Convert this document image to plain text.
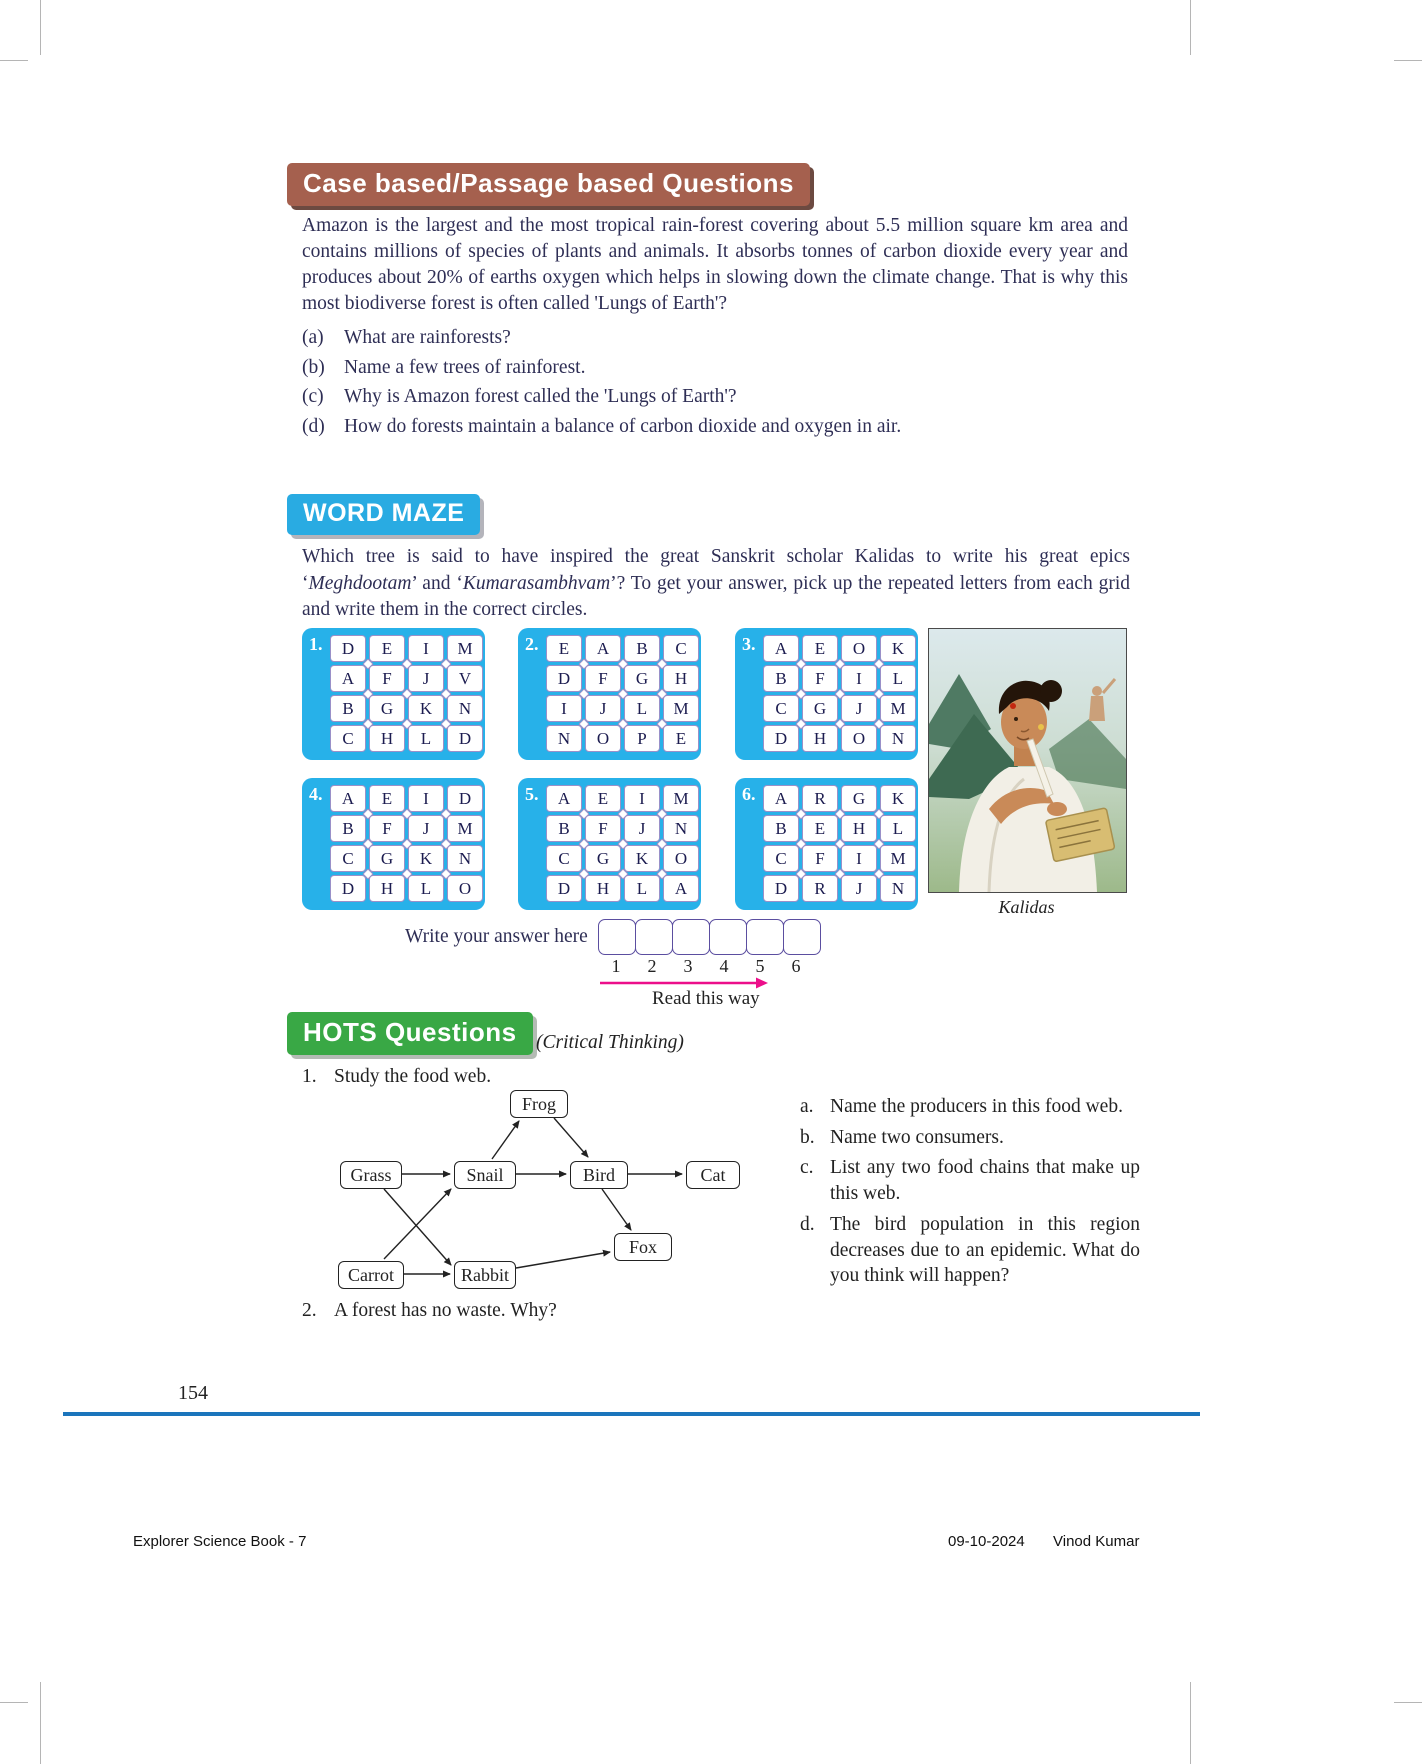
Case based/Passage based Questions
Amazon is the largest and the most tropical rain-forest covering about 5.5 million square km area and contains millions of species of plants and animals. It absorbs tonnes of carbon dioxide every year and produces about 20% of earths oxygen which helps in slowing down the climate change. That is why this most biodiverse forest is often called 'Lungs of Earth'?
(a)	What are rainforests?
(b) Name a few trees of rainforest.
(c)	Why is Amazon forest called the 'Lungs of Earth'?
(d) How do forests maintain a balance of carbon dioxide and oxygen in air.
WORD MAZE
Which tree is said to have inspired the great Sanskrit scholar Kalidas to write his great epics ‘Meghdootam’ and ‘Kumarasambhvam’? To get your answer, pick up the repeated letters from each grid and write them in the correct circles.
1.	D	E	I	M
A	F	J	V
B	G	K	N
C	H	L	D
2.	E	A	B	C
D	F	G	H
I	J	L	M
N	O	P	E
3.	A	E	O	K
B	F	I	L
C	G	J	M
D	H	O	N
4.	A	E	I	D
B	F	J	M
C	G	K	N
D	H	L	O
5.	A	E	I	M
B	F	J	N
C	G	K	O
D	H	L	A
6.	A	R	G	K
B	E	H	L
C	F	I	M
D	R	J	N
Kalidas
Write your answer here
1	2	3	4	5	6
Read this way
HOTS Questions (Critical Thinking)
1. Study the food web.
Frog
Grass	Snail	Bird	Cat
Fox
Carrot	Rabbit
a. Name the producers in this food web.
b. Name two consumers.
c. List any two food chains that make up this web.
d. The bird population in this region decreases due to an epidemic. What do you think will happen?
2. A forest has no waste. Why?
154
Explorer Science Book - 7	09-10-2024 Vinod Kumar
